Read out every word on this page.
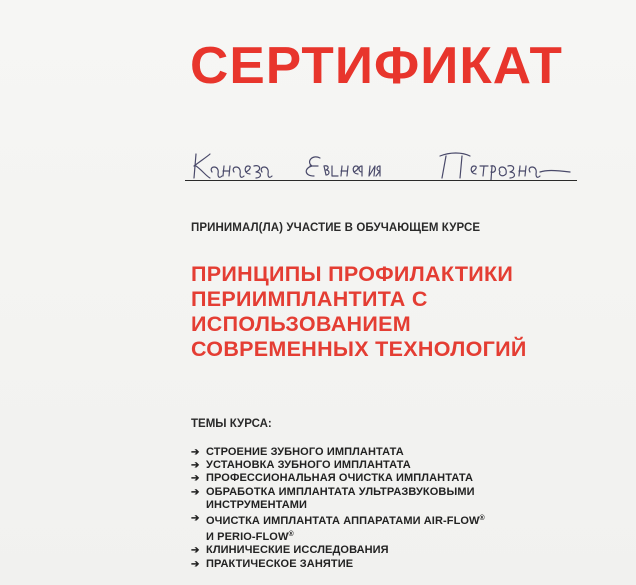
СЕРТИФИКАТ
ПРИНИМАЛ(ЛА) УЧАСТИЕ В ОБУЧАЮЩЕМ КУРСЕ
ПРИНЦИПЫ ПРОФИЛАКТИКИ
ПЕРИИМПЛАНТИТА С
ИСПОЛЬЗОВАНИЕМ
СОВРЕМЕННЫХ ТЕХНОЛОГИЙ
ТЕМЫ КУРСА:
➔ СТРОЕНИЕ ЗУБНОГО ИМПЛАНТАТА
➔ УСТАНОВКА ЗУБНОГО ИМПЛАНТАТА
➔ ПРОФЕССИОНАЛЬНАЯ ОЧИСТКА ИМПЛАНТАТА
➔ ОБРАБОТКА ИМПЛАНТАТА УЛЬТРАЗВУКОВЫМИ
ИНСТРУМЕНТАМИ
➔ ОЧИСТКА ИМПЛАНТАТА АППАРАТАМИ AIR-FLOW®
И PERIO-FLOW®
➔ КЛИНИЧЕСКИЕ ИССЛЕДОВАНИЯ
➔ ПРАКТИЧЕСКОЕ ЗАНЯТИЕ
